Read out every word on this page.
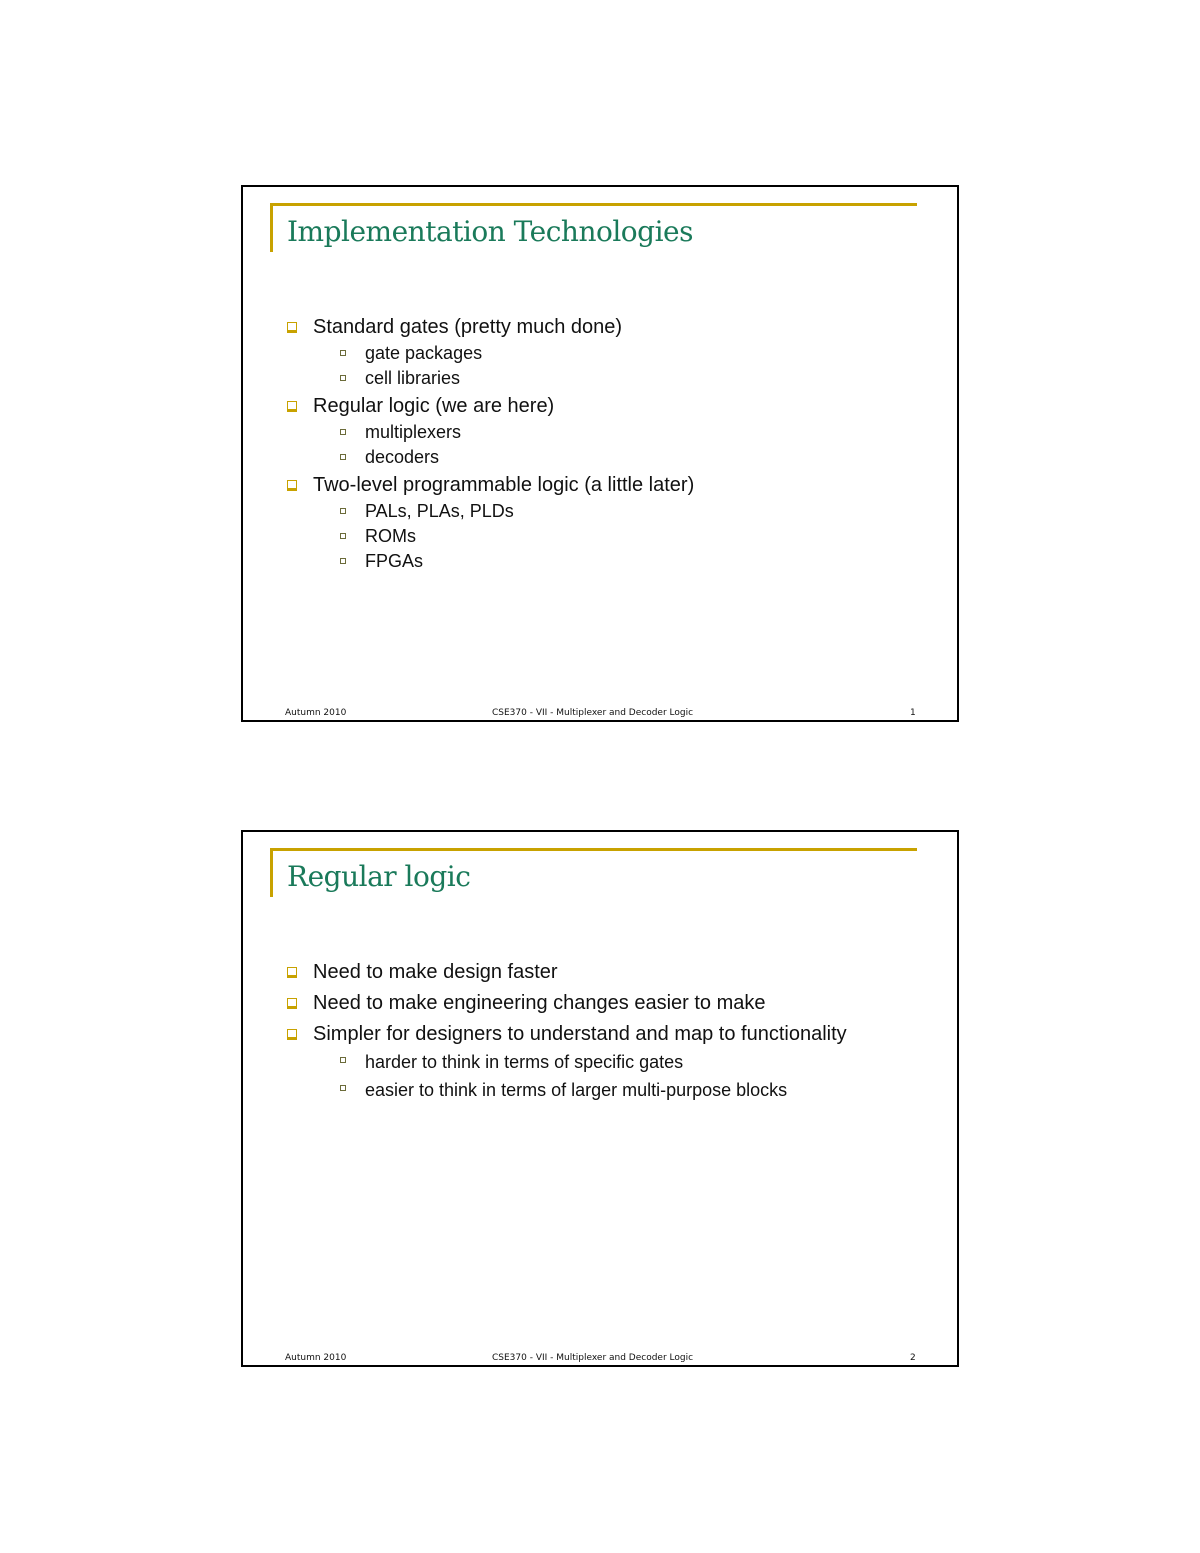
Implementation Technologies
Standard gates (pretty much done)
gate packages
cell libraries
Regular logic (we are here)
multiplexers
decoders
Two-level programmable logic (a little later)
PALs, PLAs, PLDs
ROMs
FPGAs
Autumn 2010	CSE370 - VII - Multiplexer and Decoder Logic	1
Regular logic
Need to make design faster
Need to make engineering changes easier to make
Simpler for designers to understand and map to functionality
harder to think in terms of specific gates
easier to think in terms of larger multi-purpose blocks
Autumn 2010	CSE370 - VII - Multiplexer and Decoder Logic	2
